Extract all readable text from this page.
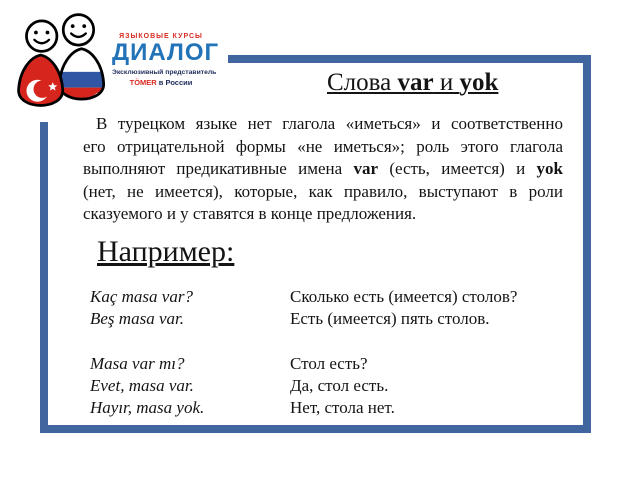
ЯЗЫКОВЫЕ КУРСЫ
ДИАЛОГ
Эксклюзивный представитель
TÖMER в России	Слова var и yok
В турецком языке нет глагола «иметься» и соответственно
его отрицательной формы «не иметься»; роль этого глагола
выполняют предикативные имена var (есть, имеется) и yok
(нет, не имеется), которые, как правило, выступают в роли
сказуемого и у ставятся в конце предложения.
Например:
Kaç masa var?	Сколько есть (имеется) столов?
Beş masa var.	Есть (имеется) пять столов.
Masa var mı?	Стол есть?
Evet, masa var.	Да, стол есть.
Hayır, masa yok.	Нет, стола нет.
